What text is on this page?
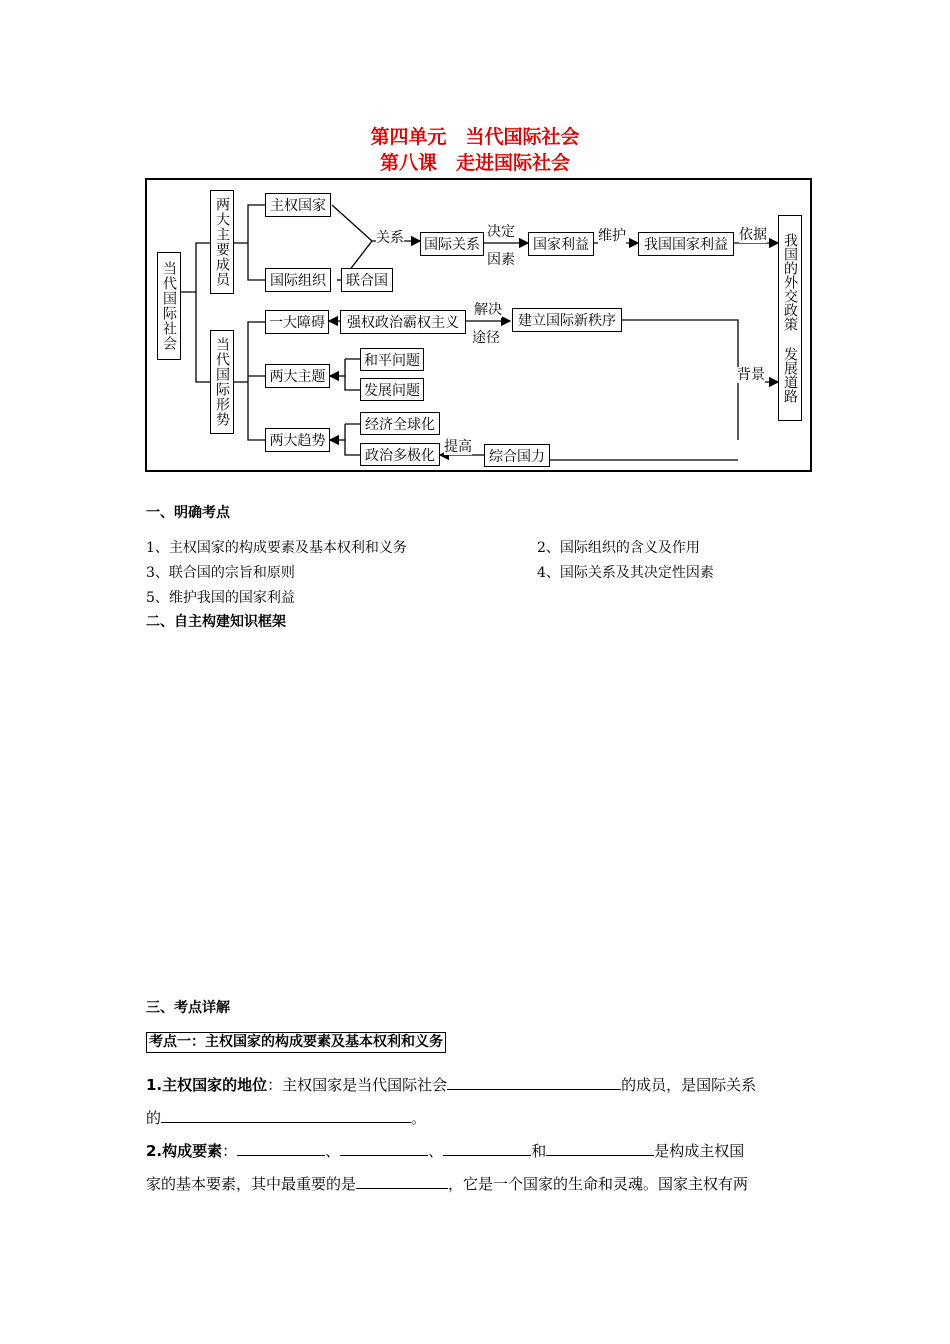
第四单元　当代国际社会
第八课　走进国际社会
当代国际社会
两大主要成员
当代国际形势
主权国家
国际组织	联合国
关系 国际关系
决定
因素
国家利益
维护
我国国家利益
依据 我国的外交政策 发展道路
一大障碍	强权政治霸权主义
解决
途径
建立国际新秩序
两大主题
和平问题
发展问题
背景
两大趋势
经济全球化
政治多极化
提高
综合国力
一、明确考点
1、主权国家的构成要素及基本权利和义务	2、国际组织的含义及作用
3、联合国的宗旨和原则	4、国际关系及其决定性因素
5、维护我国的国家利益
二、自主构建知识框架
三、考点详解
考点一：主权国家的构成要素及基本权利和义务
1.主权国家的地位：主权国家是当代国际社会	的成员，是国际关系
的	。
2.构成要素：	、	、	和	是构成主权国
家的基本要素，其中最重要的是	，它是一个国家的生命和灵魂。国家主权有两
